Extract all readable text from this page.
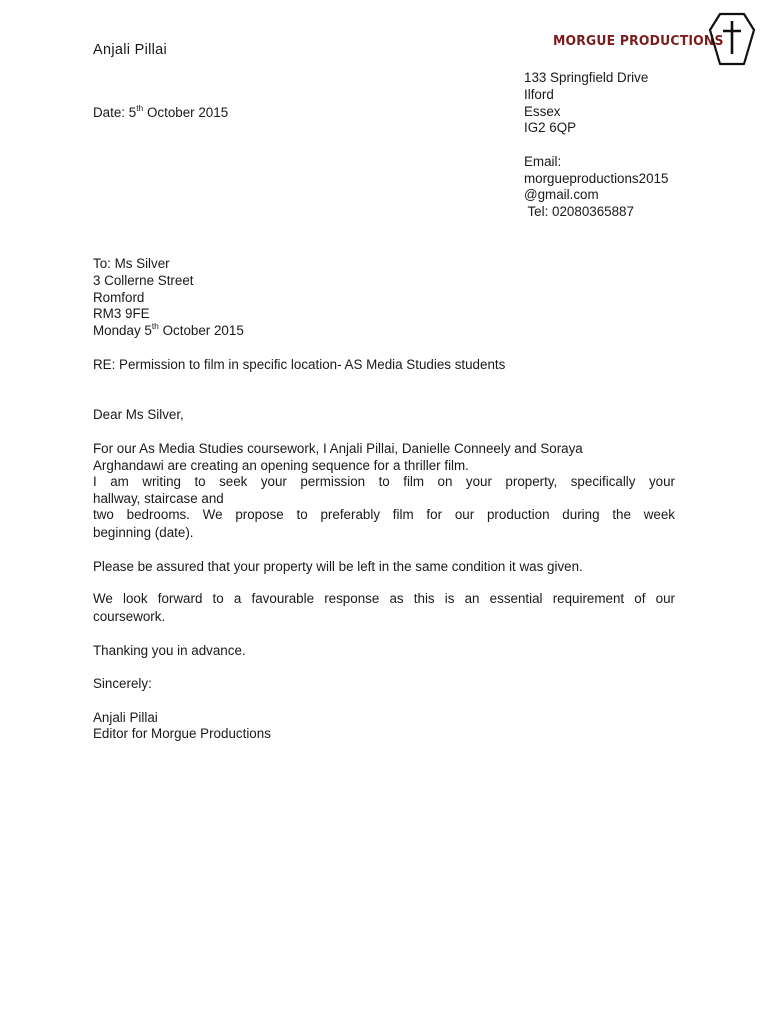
MORGUE PRODUCTIONS
Anjali Pillai
Date: 5th October 2015
133 Springfield Drive
Ilford
Essex
IG2 6QP
Email:
morgueproductions2015
@gmail.com
Tel: 02080365887
To: Ms Silver
3 Collerne Street
Romford
RM3 9FE
Monday 5th October 2015
RE: Permission to film in specific location- AS Media Studies students
Dear Ms Silver,
For our As Media Studies coursework, I Anjali Pillai, Danielle Conneely and Soraya
Arghandawi are creating an opening sequence for a thriller film.
I am writing to seek your permission to film on your property, specifically your
hallway, staircase and
two bedrooms. We propose to preferably film for our production during the week
beginning (date).
Please be assured that your property will be left in the same condition it was given.
We look forward to a favourable response as this is an essential requirement of our
coursework.
Thanking you in advance.
Sincerely:
Anjali Pillai
Editor for Morgue Productions
